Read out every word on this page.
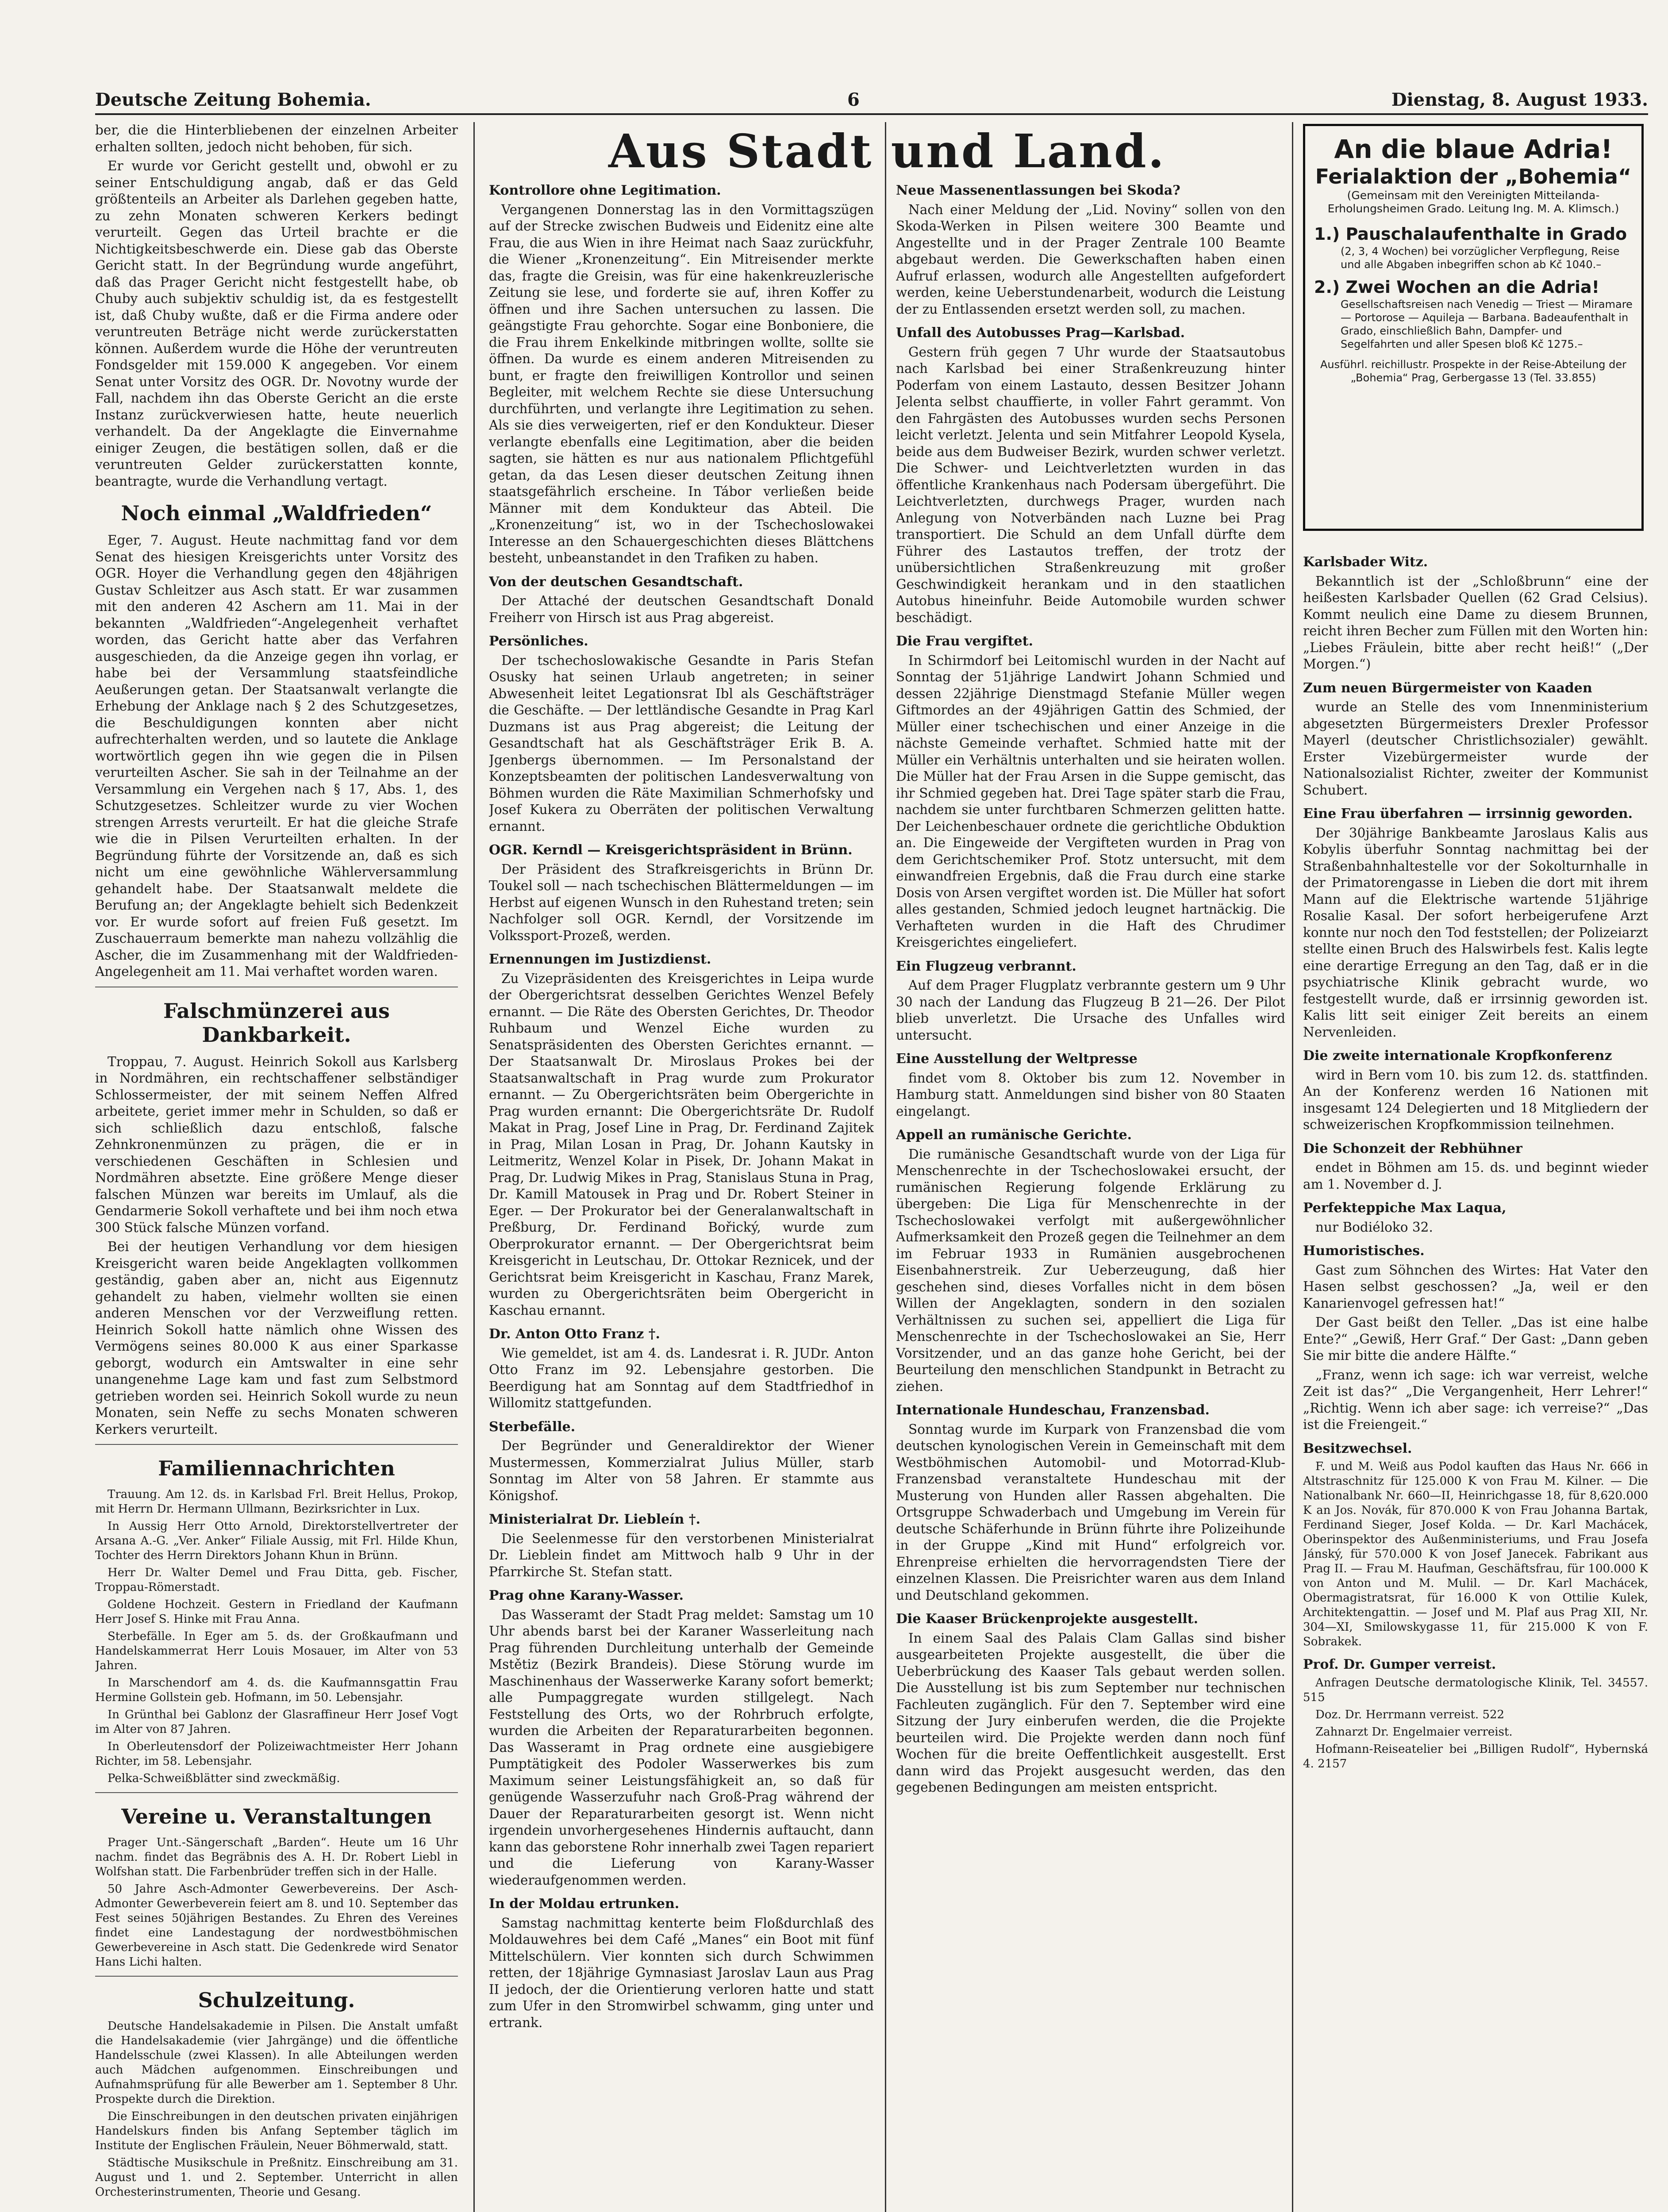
Deutsche Zeitung Bohemia.	6	Dienstag, 8. August 1933.
Aus Stadt und Land.

ber, die die Hinterbliebenen der einzelnen Arbeiter erhalten sollten, jedoch nicht behoben, für sich.

Er wurde vor Gericht gestellt und, obwohl er zu seiner Entschuldigung angab, daß er das Geld größtenteils an Arbeiter als Darlehen gegeben hatte, zu zehn Monaten schweren Kerkers bedingt verurteilt. Gegen das Urteil brachte er die Nichtigkeitsbeschwerde ein. Diese gab das Oberste Gericht statt. In der Begründung wurde angeführt, daß das Prager Gericht nicht festgestellt habe, ob Chuby auch subjektiv schuldig ist, da es festgestellt ist, daß Chuby wußte, daß er die Firma andere oder veruntreuten Beträge nicht werde zurückerstatten können. Außerdem wurde die Höhe der veruntreuten Fondsgelder mit 159.000 K angegeben. Vor einem Senat unter Vorsitz des OGR. Dr. Novotny wurde der Fall, nachdem ihn das Oberste Gericht an die erste Instanz zurückverwiesen hatte, heute neuerlich verhandelt. Da der Angeklagte die Einvernahme einiger Zeugen, die bestätigen sollen, daß er die veruntreuten Gelder zurückerstatten konnte, beantragte, wurde die Verhandlung vertagt.

Noch einmal „Waldfrieden“

Eger, 7. August. Heute nachmittag fand vor dem Senat des hiesigen Kreisgerichts unter Vorsitz des OGR. Hoyer die Verhandlung gegen den 48jährigen Gustav Schleitzer aus Asch statt. Er war zusammen mit den anderen 42 Aschern am 11. Mai in der bekannten „Waldfrieden“-Angelegenheit verhaftet worden, das Gericht hatte aber das Verfahren ausgeschieden, da die Anzeige gegen ihn vorlag, er habe bei der Versammlung staatsfeindliche Aeußerungen getan. Der Staatsanwalt verlangte die Erhebung der Anklage nach § 2 des Schutzgesetzes, die Beschuldigungen konnten aber nicht aufrechterhalten werden, und so lautete die Anklage wortwörtlich gegen ihn wie gegen die in Pilsen verurteilten Ascher. Sie sah in der Teilnahme an der Versammlung ein Vergehen nach § 17, Abs. 1, des Schutzgesetzes. Schleitzer wurde zu vier Wochen strengen Arrests verurteilt. Er hat die gleiche Strafe wie die in Pilsen Verurteilten erhalten. In der Begründung führte der Vorsitzende an, daß es sich nicht um eine gewöhnliche Wählerversammlung gehandelt habe. Der Staatsanwalt meldete die Berufung an; der Angeklagte behielt sich Bedenkzeit vor. Er wurde sofort auf freien Fuß gesetzt. Im Zuschauerraum bemerkte man nahezu vollzählig die Ascher, die im Zusammenhang mit der Waldfrieden-Angelegenheit am 11. Mai verhaftet worden waren.

Falschmünzerei aus Dankbarkeit.

Troppau, 7. August. Heinrich Sokoll aus Karlsberg in Nordmähren, ein rechtschaffener selbständiger Schlossermeister, der mit seinem Neffen Alfred arbeitete, geriet immer mehr in Schulden, so daß er sich schließlich dazu entschloß, falsche Zehnkronenmünzen zu prägen, die er in verschiedenen Geschäften in Schlesien und Nordmähren absetzte. Eine größere Menge dieser falschen Münzen war bereits im Umlauf, als die Gendarmerie Sokoll verhaftete und bei ihm noch etwa 300 Stück falsche Münzen vorfand.

Bei der heutigen Verhandlung vor dem hiesigen Kreisgericht waren beide Angeklagten vollkommen geständig, gaben aber an, nicht aus Eigennutz gehandelt zu haben, vielmehr wollten sie einen anderen Menschen vor der Verzweiflung retten. Heinrich Sokoll hatte nämlich ohne Wissen des Vermögens seines 80.000 K aus einer Sparkasse geborgt, wodurch ein Amtswalter in eine sehr unangenehme Lage kam und fast zum Selbstmord getrieben worden sei. Heinrich Sokoll wurde zu neun Monaten, sein Neffe zu sechs Monaten schweren Kerkers verurteilt.

Familiennachrichten

Trauung. Am 12. ds. in Karlsbad Frl. Breit Hellus, Prokop, mit Herrn Dr. Hermann Ullmann, Bezirksrichter in Lux.

In Aussig Herr Otto Arnold, Direktorstellvertreter der Arsana A.-G. „Ver. Anker“ Filiale Aussig, mit Frl. Hilde Khun, Tochter des Herrn Direktors Johann Khun in Brünn.

Herr Dr. Walter Demel und Frau Ditta, geb. Fischer, Troppau-Römerstadt.

Goldene Hochzeit. Gestern in Friedland der Kaufmann Herr Josef S. Hinke mit Frau Anna.

Sterbefälle. In Eger am 5. ds. der Großkaufmann und Handelskammerrat Herr Louis Mosauer, im Alter von 53 Jahren.

In Marschendorf am 4. ds. die Kaufmannsgattin Frau Hermine Gollstein geb. Hofmann, im 50. Lebensjahr.

In Grünthal bei Gablonz der Glasraffineur Herr Josef Vogt im Alter von 87 Jahren.

In Oberleutensdorf der Polizeiwachtmeister Herr Johann Richter, im 58. Lebensjahr.

Pelka-Schweißblätter sind zweckmäßig.

Vereine u. Veranstaltungen

Prager Unt.-Sängerschaft „Barden“. Heute um 16 Uhr nachm. findet das Begräbnis des A. H. Dr. Robert Liebl in Wolfshan statt. Die Farbenbrüder treffen sich in der Halle.

50 Jahre Asch-Admonter Gewerbevereins. Der Asch-Admonter Gewerbeverein feiert am 8. und 10. September das Fest seines 50jährigen Bestandes. Zu Ehren des Vereines findet eine Landestagung der nordwestböhmischen Gewerbevereine in Asch statt. Die Gedenkrede wird Senator Hans Lichi halten.

Schulzeitung.

Deutsche Handelsakademie in Pilsen. Die Anstalt umfaßt die Handelsakademie (vier Jahrgänge) und die öffentliche Handelsschule (zwei Klassen). In alle Abteilungen werden auch Mädchen aufgenommen. Einschreibungen und Aufnahmsprüfung für alle Bewerber am 1. September 8 Uhr. Prospekte durch die Direktion.

Die Einschreibungen in den deutschen privaten einjährigen Handelskurs finden bis Anfang September täglich im Institute der Englischen Fräulein, Neuer Böhmerwald, statt.

Städtische Musikschule in Preßnitz. Einschreibung am 31. August und 1. und 2. September. Unterricht in allen Orchesterinstrumenten, Theorie und Gesang.

Kontrollore ohne Legitimation.

Vergangenen Donnerstag las in den Vormittagszügen auf der Strecke zwischen Budweis und Eidenitz eine alte Frau, die aus Wien in ihre Heimat nach Saaz zurückfuhr, die Wiener „Kronenzeitung“. Ein Mitreisender merkte das, fragte die Greisin, was für eine hakenkreuzlerische Zeitung sie lese, und forderte sie auf, ihren Koffer zu öffnen und ihre Sachen untersuchen zu lassen. Die geängstigte Frau gehorchte. Sogar eine Bonboniere, die die Frau ihrem Enkelkinde mitbringen wollte, sollte sie öffnen. Da wurde es einem anderen Mitreisenden zu bunt, er fragte den freiwilligen Kontrollor und seinen Begleiter, mit welchem Rechte sie diese Untersuchung durchführten, und verlangte ihre Legitimation zu sehen. Als sie dies verweigerten, rief er den Kondukteur. Dieser verlangte ebenfalls eine Legitimation, aber die beiden sagten, sie hätten es nur aus nationalem Pflichtgefühl getan, da das Lesen dieser deutschen Zeitung ihnen staatsgefährlich erscheine. In Tábor verließen beide Männer mit dem Kondukteur das Abteil. Die „Kronenzeitung“ ist, wo in der Tschechoslowakei Interesse an den Schauergeschichten dieses Blättchens besteht, unbeanstandet in den Trafiken zu haben.

Von der deutschen Gesandtschaft.

Der Attaché der deutschen Gesandtschaft Donald Freiherr von Hirsch ist aus Prag abgereist.

Persönliches.

Der tschechoslowakische Gesandte in Paris Stefan Osusky hat seinen Urlaub angetreten; in seiner Abwesenheit leitet Legationsrat Ibl als Geschäftsträger die Geschäfte. — Der lettländische Gesandte in Prag Karl Duzmans ist aus Prag abgereist; die Leitung der Gesandtschaft hat als Geschäftsträger Erik B. A. Jgenbergs übernommen. — Im Personalstand der Konzeptsbeamten der politischen Landesverwaltung von Böhmen wurden die Räte Maximilian Schmerhofsky und Josef Kukera zu Oberräten der politischen Verwaltung ernannt.

OGR. Kerndl — Kreisgerichtspräsident in Brünn.

Der Präsident des Strafkreisgerichts in Brünn Dr. Toukel soll — nach tschechischen Blättermeldungen — im Herbst auf eigenen Wunsch in den Ruhestand treten; sein Nachfolger soll OGR. Kerndl, der Vorsitzende im Volkssport-Prozeß, werden.

Ernennungen im Justizdienst.

Zu Vizepräsidenten des Kreisgerichtes in Leipa wurde der Obergerichtsrat desselben Gerichtes Wenzel Befely ernannt. — Die Räte des Obersten Gerichtes, Dr. Theodor Ruhbaum und Wenzel Eiche wurden zu Senatspräsidenten des Obersten Gerichtes ernannt. — Der Staatsanwalt Dr. Miroslaus Prokes bei der Staatsanwaltschaft in Prag wurde zum Prokurator ernannt. — Zu Obergerichtsräten beim Obergerichte in Prag wurden ernannt: Die Obergerichtsräte Dr. Rudolf Makat in Prag, Josef Line in Prag, Dr. Ferdinand Zajitek in Prag, Milan Losan in Prag, Dr. Johann Kautsky in Leitmeritz, Wenzel Kolar in Pisek, Dr. Johann Makat in Prag, Dr. Ludwig Mikes in Prag, Stanislaus Stuna in Prag, Dr. Kamill Matousek in Prag und Dr. Robert Steiner in Eger. — Der Prokurator bei der Generalanwaltschaft in Preßburg, Dr. Ferdinand Bořický, wurde zum Oberprokurator ernannt. — Der Obergerichtsrat beim Kreisgericht in Leutschau, Dr. Ottokar Reznicek, und der Gerichtsrat beim Kreisgericht in Kaschau, Franz Marek, wurden zu Obergerichtsräten beim Obergericht in Kaschau ernannt.

Dr. Anton Otto Franz †.

Wie gemeldet, ist am 4. ds. Landesrat i. R. JUDr. Anton Otto Franz im 92. Lebensjahre gestorben. Die Beerdigung hat am Sonntag auf dem Stadtfriedhof in Willomitz stattgefunden.

Sterbefälle.

Der Begründer und Generaldirektor der Wiener Mustermessen, Kommerzialrat Julius Müller, starb Sonntag im Alter von 58 Jahren. Er stammte aus Königshof.

Ministerialrat Dr. Liebleín †.

Die Seelenmesse für den verstorbenen Ministerialrat Dr. Lieblein findet am Mittwoch halb 9 Uhr in der Pfarrkirche St. Stefan statt.

Prag ohne Karany-Wasser.

Das Wasseramt der Stadt Prag meldet: Samstag um 10 Uhr abends barst bei der Karaner Wasserleitung nach Prag führenden Durchleitung unterhalb der Gemeinde Mstětiz (Bezirk Brandeis). Diese Störung wurde im Maschinenhaus der Wasserwerke Karany sofort bemerkt; alle Pumpaggregate wurden stillgelegt. Nach Feststellung des Orts, wo der Rohrbruch erfolgte, wurden die Arbeiten der Reparaturarbeiten begonnen. Das Wasseramt in Prag ordnete eine ausgiebigere Pumptätigkeit des Podoler Wasserwerkes bis zum Maximum seiner Leistungsfähigkeit an, so daß für genügende Wasserzufuhr nach Groß-Prag während der Dauer der Reparaturarbeiten gesorgt ist. Wenn nicht irgendein unvorhergesehenes Hindernis auftaucht, dann kann das geborstene Rohr innerhalb zwei Tagen repariert und die Lieferung von Karany-Wasser wiederaufgenommen werden.

In der Moldau ertrunken.

Samstag nachmittag kenterte beim Floßdurchlaß des Moldauwehres bei dem Café „Manes“ ein Boot mit fünf Mittelschülern. Vier konnten sich durch Schwimmen retten, der 18jährige Gymnasiast Jaroslav Laun aus Prag II jedoch, der die Orientierung verloren hatte und statt zum Ufer in den Stromwirbel schwamm, ging unter und ertrank.

Neue Massenentlassungen bei Skoda?

Nach einer Meldung der „Lid. Noviny“ sollen von den Skoda-Werken in Pilsen weitere 300 Beamte und Angestellte und in der Prager Zentrale 100 Beamte abgebaut werden. Die Gewerkschaften haben einen Aufruf erlassen, wodurch alle Angestellten aufgefordert werden, keine Ueberstundenarbeit, wodurch die Leistung der zu Entlassenden ersetzt werden soll, zu machen.

Unfall des Autobusses Prag—Karlsbad.

Gestern früh gegen 7 Uhr wurde der Staatsautobus nach Karlsbad bei einer Straßenkreuzung hinter Poderfam von einem Lastauto, dessen Besitzer Johann Jelenta selbst chauffierte, in voller Fahrt gerammt. Von den Fahrgästen des Autobusses wurden sechs Personen leicht verletzt. Jelenta und sein Mitfahrer Leopold Kysela, beide aus dem Budweiser Bezirk, wurden schwer verletzt. Die Schwer- und Leichtverletzten wurden in das öffentliche Krankenhaus nach Podersam übergeführt. Die Leichtverletzten, durchwegs Prager, wurden nach Anlegung von Notverbänden nach Luzne bei Prag transportiert. Die Schuld an dem Unfall dürfte dem Führer des Lastautos treffen, der trotz der unübersichtlichen Straßenkreuzung mit großer Geschwindigkeit herankam und in den staatlichen Autobus hineinfuhr. Beide Automobile wurden schwer beschädigt.

Die Frau vergiftet.

In Schirmdorf bei Leitomischl wurden in der Nacht auf Sonntag der 51jährige Landwirt Johann Schmied und dessen 22jährige Dienstmagd Stefanie Müller wegen Giftmordes an der 49jährigen Gattin des Schmied, der Müller einer tschechischen und einer Anzeige in die nächste Gemeinde verhaftet. Schmied hatte mit der Müller ein Verhältnis unterhalten und sie heiraten wollen. Die Müller hat der Frau Arsen in die Suppe gemischt, das ihr Schmied gegeben hat. Drei Tage später starb die Frau, nachdem sie unter furchtbaren Schmerzen gelitten hatte. Der Leichenbeschauer ordnete die gerichtliche Obduktion an. Die Eingeweide der Vergifteten wurden in Prag von dem Gerichtschemiker Prof. Stotz untersucht, mit dem einwandfreien Ergebnis, daß die Frau durch eine starke Dosis von Arsen vergiftet worden ist. Die Müller hat sofort alles gestanden, Schmied jedoch leugnet hartnäckig. Die Verhafteten wurden in die Haft des Chrudimer Kreisgerichtes eingeliefert.

Ein Flugzeug verbrannt.

Auf dem Prager Flugplatz verbrannte gestern um 9 Uhr 30 nach der Landung das Flugzeug B 21—26. Der Pilot blieb unverletzt. Die Ursache des Unfalles wird untersucht.

Eine Ausstellung der Weltpresse

findet vom 8. Oktober bis zum 12. November in Hamburg statt. Anmeldungen sind bisher von 80 Staaten eingelangt.

Appell an rumänische Gerichte.

Die rumänische Gesandtschaft wurde von der Liga für Menschenrechte in der Tschechoslowakei ersucht, der rumänischen Regierung folgende Erklärung zu übergeben: Die Liga für Menschenrechte in der Tschechoslowakei verfolgt mit außergewöhnlicher Aufmerksamkeit den Prozeß gegen die Teilnehmer an dem im Februar 1933 in Rumänien ausgebrochenen Eisenbahnerstreik. Zur Ueberzeugung, daß hier geschehen sind, dieses Vorfalles nicht in dem bösen Willen der Angeklagten, sondern in den sozialen Verhältnissen zu suchen sei, appelliert die Liga für Menschenrechte in der Tschechoslowakei an Sie, Herr Vorsitzender, und an das ganze hohe Gericht, bei der Beurteilung den menschlichen Standpunkt in Betracht zu ziehen.

Internationale Hundeschau, Franzensbad.

Sonntag wurde im Kurpark von Franzensbad die vom deutschen kynologischen Verein in Gemeinschaft mit dem Westböhmischen Automobil- und Motorrad-Klub-Franzensbad veranstaltete Hundeschau mit der Musterung von Hunden aller Rassen abgehalten. Die Ortsgruppe Schwaderbach und Umgebung im Verein für deutsche Schäferhunde in Brünn führte ihre Polizeihunde in der Gruppe „Kind mit Hund“ erfolgreich vor. Ehrenpreise erhielten die hervorragendsten Tiere der einzelnen Klassen. Die Preisrichter waren aus dem Inland und Deutschland gekommen.

Die Kaaser Brückenprojekte ausgestellt.

In einem Saal des Palais Clam Gallas sind bisher ausgearbeiteten Projekte ausgestellt, die über die Ueberbrückung des Kaaser Tals gebaut werden sollen. Die Ausstellung ist bis zum September nur technischen Fachleuten zugänglich. Für den 7. September wird eine Sitzung der Jury einberufen werden, die die Projekte beurteilen wird. Die Projekte werden dann noch fünf Wochen für die breite Oeffentlichkeit ausgestellt. Erst dann wird das Projekt ausgesucht werden, das den gegebenen Bedingungen am meisten entspricht.

An die blaue Adria!
Ferialaktion der „Bohemia“
(Gemeinsam mit den Vereinigten Mitteilanda-Erholungsheimen Grado. Leitung Ing. M. A. Klimsch.)
1.) Pauschalaufenthalte in Grado
(2, 3, 4 Wochen) bei vorzüglicher Verpflegung, Reise und alle Abgaben inbegriffen schon ab Kč 1040.–
2.) Zwei Wochen an die Adria!
Gesellschaftsreisen nach Venedig — Triest — Miramare — Portorose — Aquileja — Barbana. Badeaufenthalt in Grado, einschließlich Bahn, Dampfer- und Segelfahrten und aller Spesen bloß Kč 1275.–
Ausführl. reichillustr. Prospekte in der Reise-Abteilung der „Bohemia“ Prag, Gerbergasse 13 (Tel. 33.855)
Karlsbader Witz.

Bekanntlich ist der „Schloßbrunn“ eine der heißesten Karlsbader Quellen (62 Grad Celsius). Kommt neulich eine Dame zu diesem Brunnen, reicht ihren Becher zum Füllen mit den Worten hin: „Liebes Fräulein, bitte aber recht heiß!“ („Der Morgen.“)

Zum neuen Bürgermeister von Kaaden

wurde an Stelle des vom Innenministerium abgesetzten Bürgermeisters Drexler Professor Mayerl (deutscher Christlichsozialer) gewählt. Erster Vizebürgermeister wurde der Nationalsozialist Richter, zweiter der Kommunist Schubert.

Eine Frau überfahren — irrsinnig geworden.

Der 30jährige Bankbeamte Jaroslaus Kalis aus Kobylis überfuhr Sonntag nachmittag bei der Straßenbahnhaltestelle vor der Sokolturnhalle in der Primatorengasse in Lieben die dort mit ihrem Mann auf die Elektrische wartende 51jährige Rosalie Kasal. Der sofort herbeigerufene Arzt konnte nur noch den Tod feststellen; der Polizeiarzt stellte einen Bruch des Halswirbels fest. Kalis legte eine derartige Erregung an den Tag, daß er in die psychiatrische Klinik gebracht wurde, wo festgestellt wurde, daß er irrsinnig geworden ist. Kalis litt seit einiger Zeit bereits an einem Nervenleiden.

Die zweite internationale Kropfkonferenz

wird in Bern vom 10. bis zum 12. ds. stattfinden. An der Konferenz werden 16 Nationen mit insgesamt 124 Delegierten und 18 Mitgliedern der schweizerischen Kropfkommission teilnehmen.

Die Schonzeit der Rebhühner

endet in Böhmen am 15. ds. und beginnt wieder am 1. November d. J.

Perfekteppiche Max Laqua,

nur Bodiéloko 32.

Humoristisches.

Gast zum Söhnchen des Wirtes: Hat Vater den Hasen selbst geschossen? „Ja, weil er den Kanarienvogel gefressen hat!“

Der Gast beißt den Teller. „Das ist eine halbe Ente?“ „Gewiß, Herr Graf.“ Der Gast: „Dann geben Sie mir bitte die andere Hälfte.“

„Franz, wenn ich sage: ich war verreist, welche Zeit ist das?“ „Die Vergangenheit, Herr Lehrer!“ „Richtig. Wenn ich aber sage: ich verreise?“ „Das ist die Freiengeit.“

Besitzwechsel.

F. und M. Weiß aus Podol kauften das Haus Nr. 666 in Altstraschnitz für 125.000 K von Frau M. Kilner. — Die Nationalbank Nr. 660—II, Heinrichgasse 18, für 8,620.000 K an Jos. Novák, für 870.000 K von Frau Johanna Bartak, Ferdinand Sieger, Josef Kolda. — Dr. Karl Machácek, Oberinspektor des Außenministeriums, und Frau Josefa Jánský, für 570.000 K von Josef Janecek. Fabrikant aus Prag II. — Frau M. Haufman, Geschäftsfrau, für 100.000 K von Anton und M. Mulil. — Dr. Karl Machácek, Obermagistratsrat, für 16.000 K von Ottilie Kulek, Architektengattin. — Josef und M. Plaf aus Prag XII, Nr. 304—XI, Smilowskygasse 11, für 215.000 K von F. Sobrakek.

Prof. Dr. Gumper verreist.

Anfragen Deutsche dermatologische Klinik, Tel. 34557. 515

Doz. Dr. Herrmann verreist. 522

Zahnarzt Dr. Engelmaier verreist.

Hofmann-Reiseatelier bei „Billigen Rudolf“, Hybernská 4. 2157
